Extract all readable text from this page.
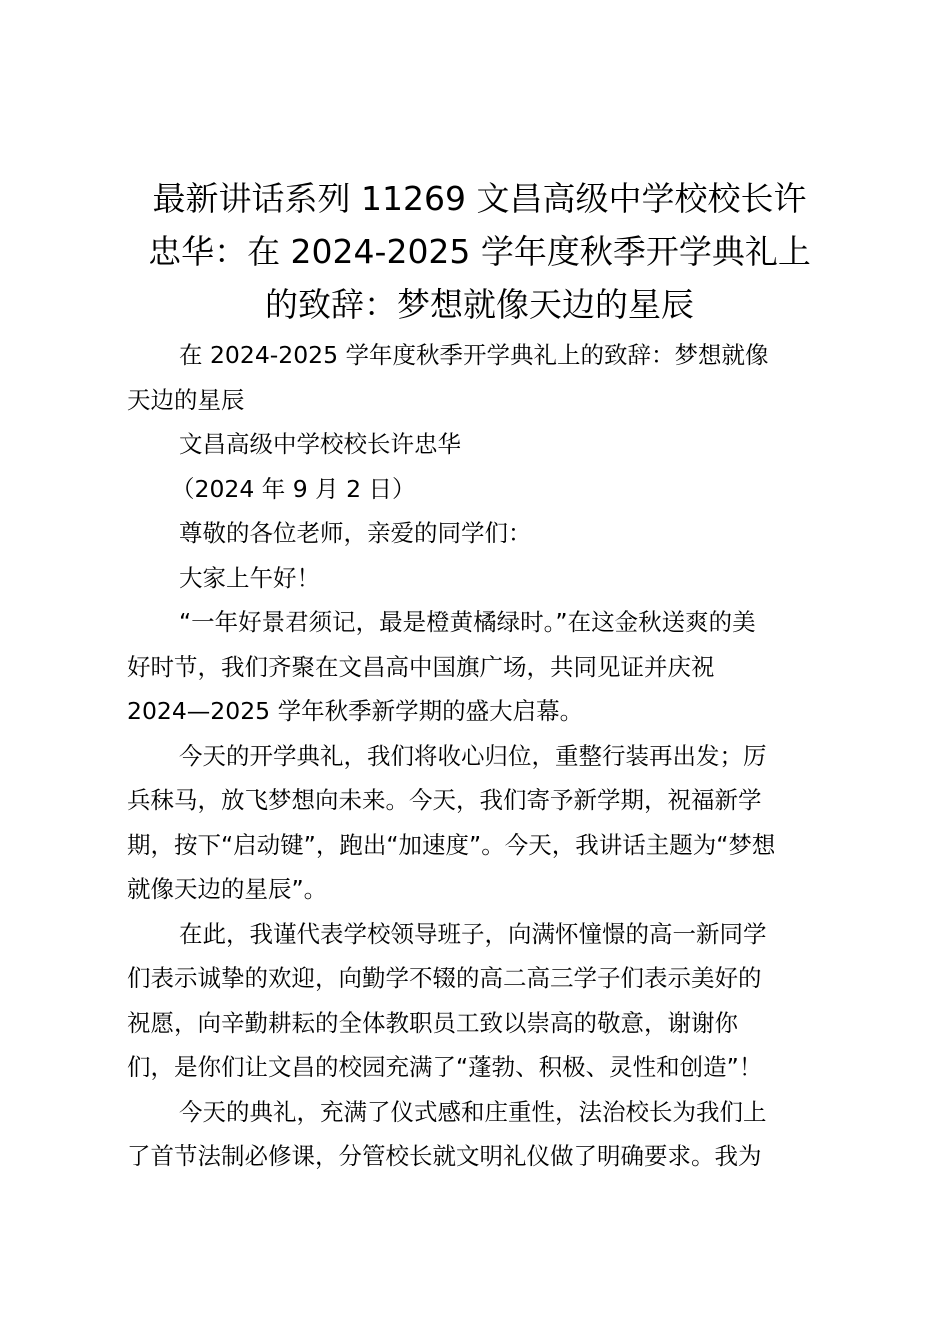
最新讲话系列 11269 文昌高级中学校校长许
忠华：在 2024-2025 学年度秋季开学典礼上
的致辞：梦想就像天边的星辰

在 2024-2025 学年度秋季开学典礼上的致辞：梦想就像
天边的星辰

文昌高级中学校校长许忠华

（2024 年 9 月 2 日）

尊敬的各位老师，亲爱的同学们：

大家上午好！

“一年好景君须记，最是橙黄橘绿时。”在这金秋送爽的美
好时节，我们齐聚在文昌高中国旗广场，共同见证并庆祝
2024—2025 学年秋季新学期的盛大启幕。

今天的开学典礼，我们将收心归位，重整行装再出发；厉
兵秣马，放飞梦想向未来。今天，我们寄予新学期，祝福新学
期，按下“启动键”，跑出“加速度”。今天，我讲话主题为“梦想
就像天边的星辰”。

在此，我谨代表学校领导班子，向满怀憧憬的高一新同学
们表示诚挚的欢迎，向勤学不辍的高二高三学子们表示美好的
祝愿，向辛勤耕耘的全体教职员工致以崇高的敬意，谢谢你
们，是你们让文昌的校园充满了“蓬勃、积极、灵性和创造”！

今天的典礼，充满了仪式感和庄重性，法治校长为我们上
了首节法制必修课，分管校长就文明礼仪做了明确要求。我为
